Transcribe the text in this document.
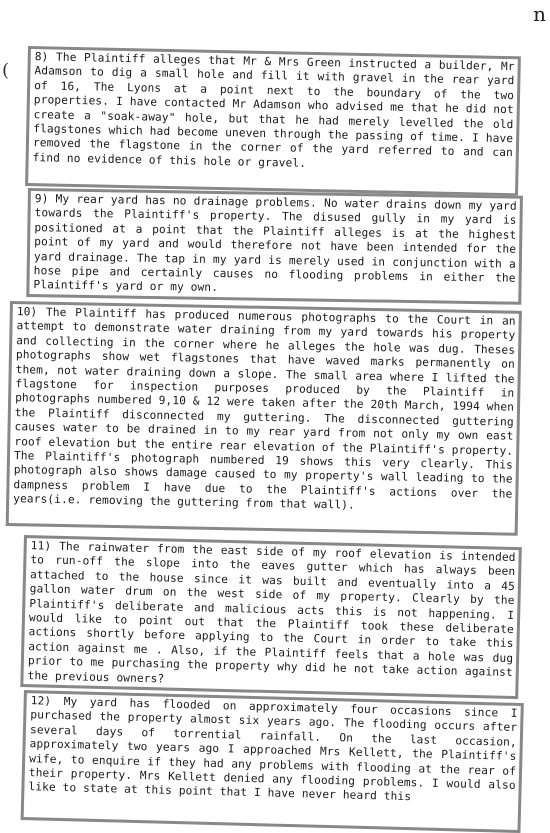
n
( 8) The Plaintiff alleges that Mr & Mrs Green instructed a builder, Mr Adamson to dig a small hole and fill it with gravel in the rear yard of 16, The Lyons at a point next to the boundary of the two properties. I have contacted Mr Adamson who advised me that he did not create a "soak-away" hole, but that he had merely levelled the old flagstones which had become uneven through the passing of time. I have removed the flagstone in the corner of the yard referred to and can find no evidence of this hole or gravel.

9) My rear yard has no drainage problems. No water drains down my yard towards the Plaintiff's property. The disused gully in my yard is positioned at a point that the Plaintiff alleges is at the highest point of my yard and would therefore not have been intended for the yard drainage. The tap in my yard is merely used in conjunction with a hose pipe and certainly causes no flooding problems in either the Plaintiff's yard or my own.

10) The Plaintiff has produced numerous photographs to the Court in an attempt to demonstrate water draining from my yard towards his property and collecting in the corner where he alleges the hole was dug. Theses photographs show wet flagstones that have waved marks permanently on them, not water draining down a slope. The small area where I lifted the flagstone for inspection purposes produced by the Plaintiff in photographs numbered 9,10 & 12 were taken after the 20th March, 1994 when the Plaintiff disconnected my guttering. The disconnected guttering causes water to be drained in to my rear yard from not only my own east roof elevation but the entire rear elevation of the Plaintiff's property. The Plaintiff's photograph numbered 19 shows this very clearly. This photograph also shows damage caused to my property's wall leading to the dampness problem I have due to the Plaintiff's actions over the years(i.e. removing the guttering from that wall).

11) The rainwater from the east side of my roof elevation is intended to run-off the slope into the eaves gutter which has always been attached to the house since it was built and eventually into a 45 gallon water drum on the west side of my property. Clearly by the Plaintiff's deliberate and malicious acts this is not happening. I would like to point out that the Plaintiff took these deliberate actions shortly before applying to the Court in order to take this action against me . Also, if the Plaintiff feels that a hole was dug prior to me purchasing the property why did he not take action against the previous owners?

12) My yard has flooded on approximately four occasions since I purchased the property almost six years ago. The flooding occurs after several days of torrential rainfall. On the last occasion, approximately two years ago I approached Mrs Kellett, the Plaintiff's wife, to enquire if they had any problems with flooding at the rear of their property. Mrs Kellett denied any flooding problems. I would also like to state at this point that I have never heard this
